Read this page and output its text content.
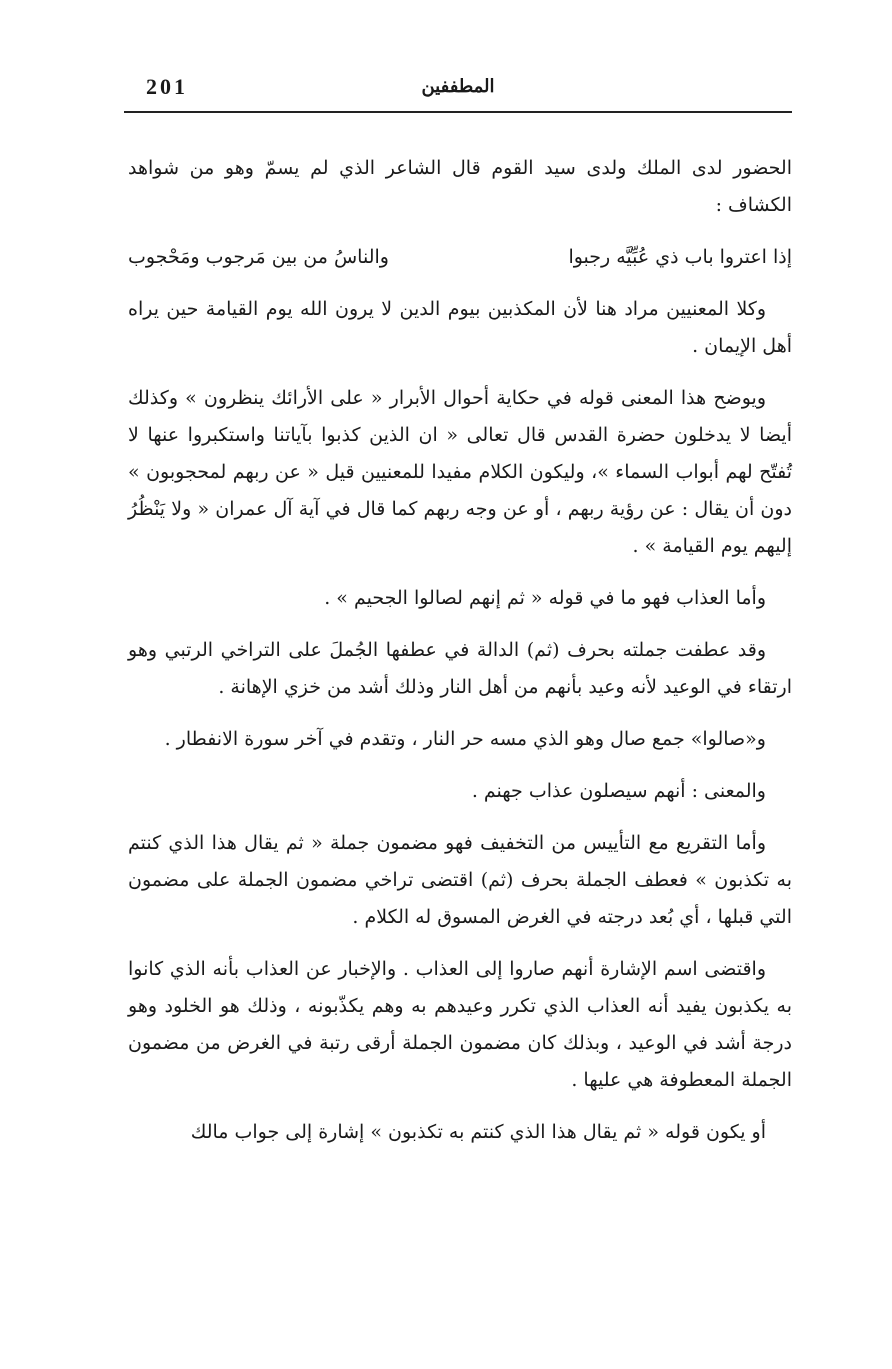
201	المطففين

الحضور لدى الملك ولدى سيد القوم قال الشاعر الذي لم يسمّ وهو من شواهد الكشاف :

إذا اعتروا باب ذي عُبِّيَّه رجبوا
والناسُ من بين مَرجوب ومَحْجوب

وكلا المعنيين مراد هنا لأن المكذبين بيوم الدين لا يرون الله يوم القيامة حين يراه أهل الإيمان .

ويوضح هذا المعنى قوله في حكاية أحوال الأبرار « على الأرائك ينظرون » وكذلك أيضا لا يدخلون حضرة القدس قال تعالى « ان الذين كذبوا بآياتنا واستكبروا عنها لا تُفتّح لهم أبواب السماء »، وليكون الكلام مفيدا للمعنيين قيل « عن ربهم لمحجوبون » دون أن يقال : عن رؤية ربهم ، أو عن وجه ربهم كما قال في آية آل عمران « ولا يَنْظُرُ إليهم يوم القيامة » .

وأما العذاب فهو ما في قوله « ثم إنهم لصالوا الجحيم » .

وقد عطفت جملته بحرف (ثم) الدالة في عطفها الجُملَ على التراخي الرتبي وهو ارتقاء في الوعيد لأنه وعيد بأنهم من أهل النار وذلك أشد من خزي الإهانة .

و«صالوا» جمع صال وهو الذي مسه حر النار ، وتقدم في آخر سورة الانفطار .

والمعنى : أنهم سيصلون عذاب جهنم .

وأما التقريع مع التأييس من التخفيف فهو مضمون جملة « ثم يقال هذا الذي كنتم به تكذبون » فعطف الجملة بحرف (ثم) اقتضى تراخي مضمون الجملة على مضمون التي قبلها ، أي بُعد درجته في الغرض المسوق له الكلام .

واقتضى اسم الإشارة أنهم صاروا إلى العذاب . والإخبار عن العذاب بأنه الذي كانوا به يكذبون يفيد أنه العذاب الذي تكرر وعيدهم به وهم يكذّبونه ، وذلك هو الخلود وهو درجة أشد في الوعيد ، وبذلك كان مضمون الجملة أرقى رتبة في الغرض من مضمون الجملة المعطوفة هي عليها .

أو يكون قوله « ثم يقال هذا الذي كنتم به تكذبون » إشارة إلى جواب مالك
